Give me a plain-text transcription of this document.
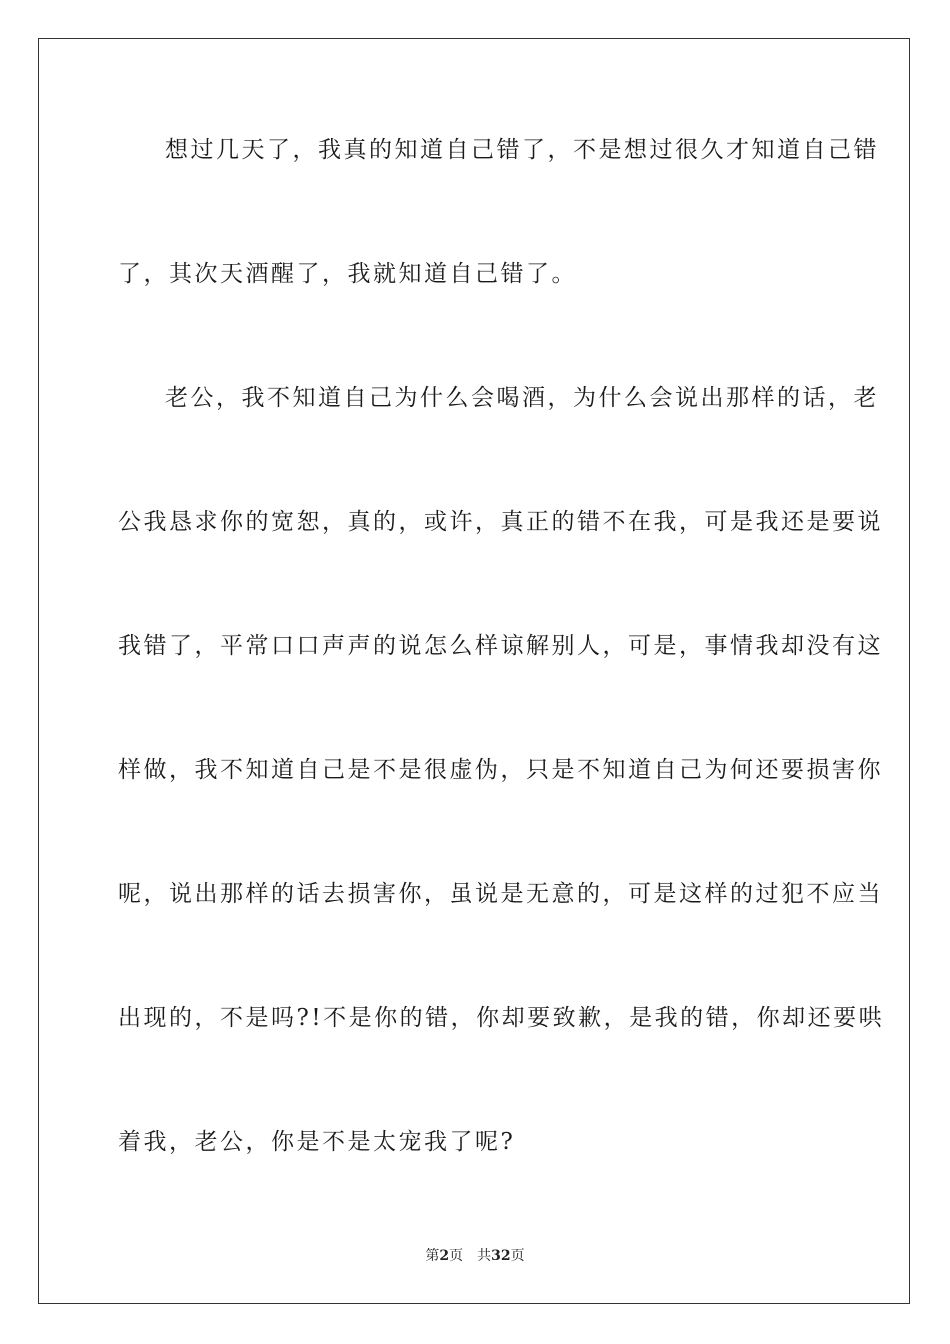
想过几天了，我真的知道自己错了，不是想过很久才知道自己错
了，其次天酒醒了，我就知道自己错了。
老公，我不知道自己为什么会喝酒，为什么会说出那样的话，老
公我恳求你的宽恕，真的，或许，真正的错不在我，可是我还是要说
我错了，平常口口声声的说怎么样谅解别人，可是，事情我却没有这
样做，我不知道自己是不是很虚伪，只是不知道自己为何还要损害你
呢，说出那样的话去损害你，虽说是无意的，可是这样的过犯不应当
出现的，不是吗?!不是你的错，你却要致歉，是我的错，你却还要哄
着我，老公，你是不是太宠我了呢?
第2页 共32页
